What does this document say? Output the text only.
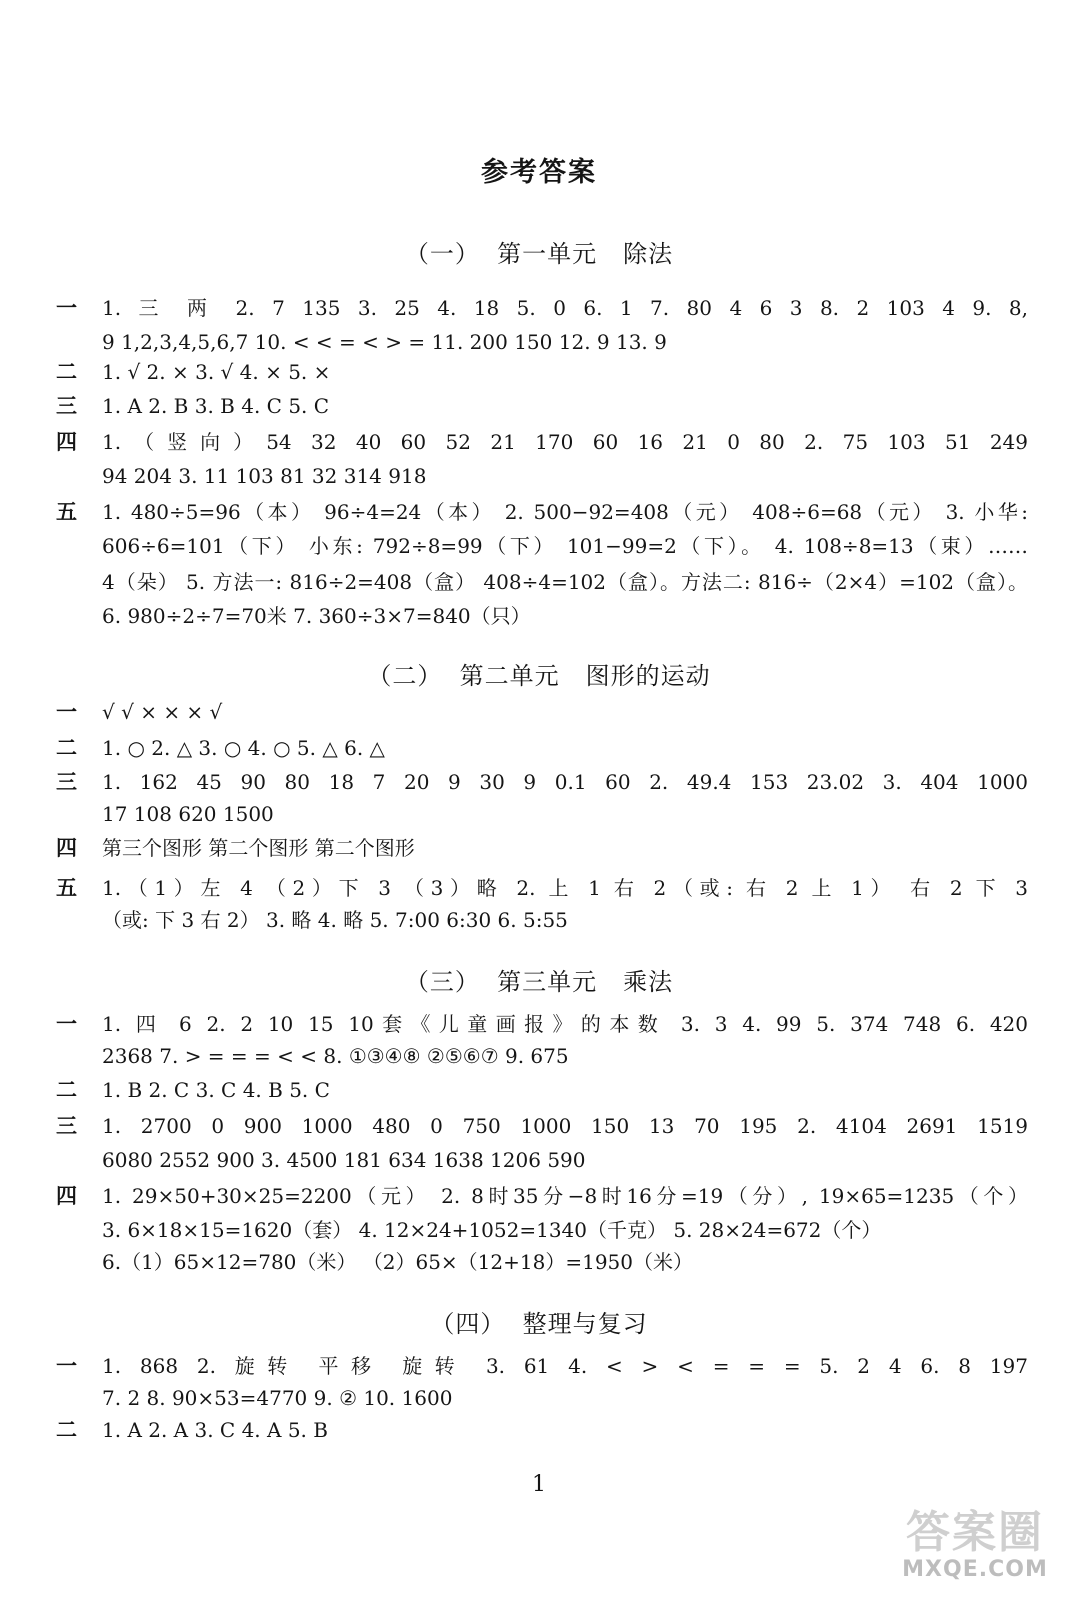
参考答案
（一）  第一单元   除法
一	1. 三 两 2. 7 135 3. 25 4. 18 5. 0 6. 1 7. 80 4 6 3 8. 2 103 4 9. 8,
9 1,2,3,4,5,6,7 10. < < = < > = 11. 200 150 12. 9 13. 9
二	1. √ 2. × 3. √ 4. × 5. ×
三	1. A 2. B 3. B 4. C 5. C
四	1.（竖向）54 32 40 60 52 21 170 60 16 21 0 80 2. 75 103 51 249
94 204 3. 11 103 81 32 314 918
五	1. 480÷5=96（本） 96÷4=24（本） 2. 500−92=408（元） 408÷6=68（元） 3. 小华:
606÷6=101（下） 小东: 792÷8=99（下） 101−99=2（下）。 4. 108÷8=13（束）……
4（朵） 5. 方法一: 816÷2=408（盒） 408÷4=102（盒）。方法二: 816÷（2×4）=102（盒）。
6. 980÷2÷7=70米 7. 360÷3×7=840（只）
（二）  第二单元   图形的运动
一	√ √ × × × √
二	1. ○ 2. △ 3. ○ 4. ○ 5. △ 6. △
三	1. 162 45 90 80 18 7 20 9 30 9 0.1 60 2. 49.4 153 23.02 3. 404 1000
17 108 620 1500
四	第三个图形 第二个图形 第二个图形
五	1.（1）左 4 （2）下 3 （3）略 2. 上 1 右 2（或: 右 2 上 1） 右 2 下 3
（或: 下 3 右 2） 3. 略 4. 略 5. 7:00 6:30 6. 5:55
（三）  第三单元   乘法
一	1. 四 6 2. 2 10 15 10套《儿童画报》的本数 3. 3 4. 99 5. 374 748 6. 420
2368 7. > = = = < < 8. ①③④⑧ ②⑤⑥⑦ 9. 675
二	1. B 2. C 3. C 4. B 5. C
三	1. 2700 0 900 1000 480 0 750 1000 150 13 70 195 2. 4104 2691 1519
6080 2552 900 3. 4500 181 634 1638 1206 590
四	1. 29×50+30×25=2200（元） 2. 8时35分−8时16分=19（分）, 19×65=1235（个）
3. 6×18×15=1620（套） 4. 12×24+1052=1340（千克） 5. 28×24=672（个）
6.（1）65×12=780（米） （2）65×（12+18）=1950（米）
（四）  整理与复习
一	1. 868 2. 旋转 平移 旋转 3. 61 4. < > < = = = 5. 2 4 6. 8 197
7. 2 8. 90×53=4770 9. ② 10. 1600
二	1. A 2. A 3. C 4. A 5. B
1
答案圈
MXQE.COM
